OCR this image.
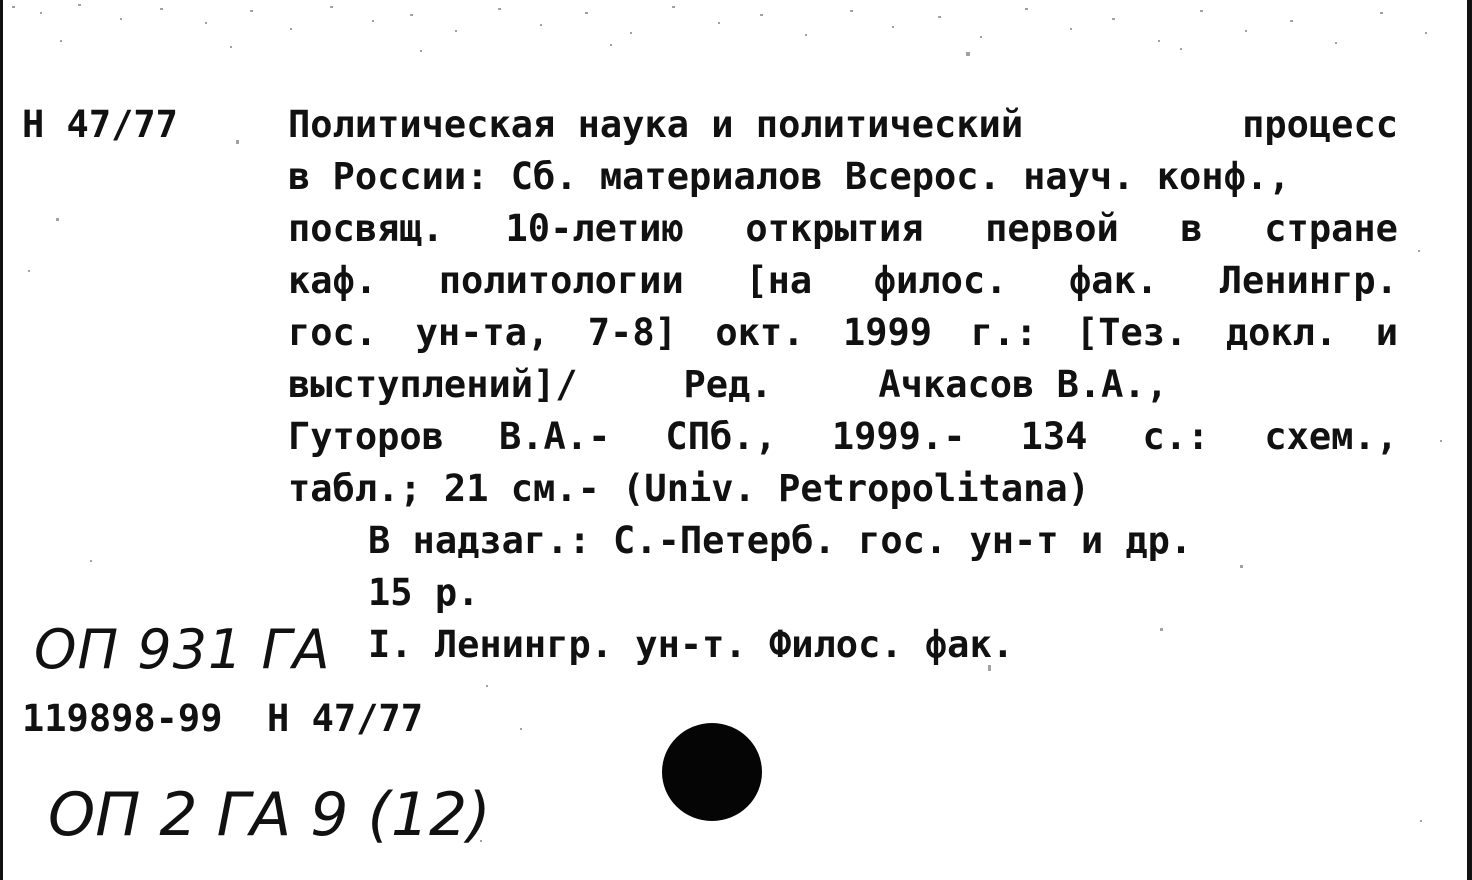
H 47/77	Политическая наука и политический	процесс
в России: Сб. материалов Всерос. науч. конф.,
посвящ. 10-летию открытия первой в стране
каф. политологии [на филос. фак. Ленингр.
гос. ун-та, 7-8] окт. 1999 г.: [Тез. докл. и
выступлений]/	Ред.	Ачкасов В.А.,
Гуторов В.А.- СПб., 1999.- 134 с.: схем.,
табл.; 21 см.- (Univ. Petropolitana)
В надзаг.: С.-Петерб. гос. ун-т и др.
15 р.
I. Ленингр. ун-т. Филос. фак.
ОП 931 ГА
119898-99  Н 47/77
ОП 2 ГА 9 (12)
